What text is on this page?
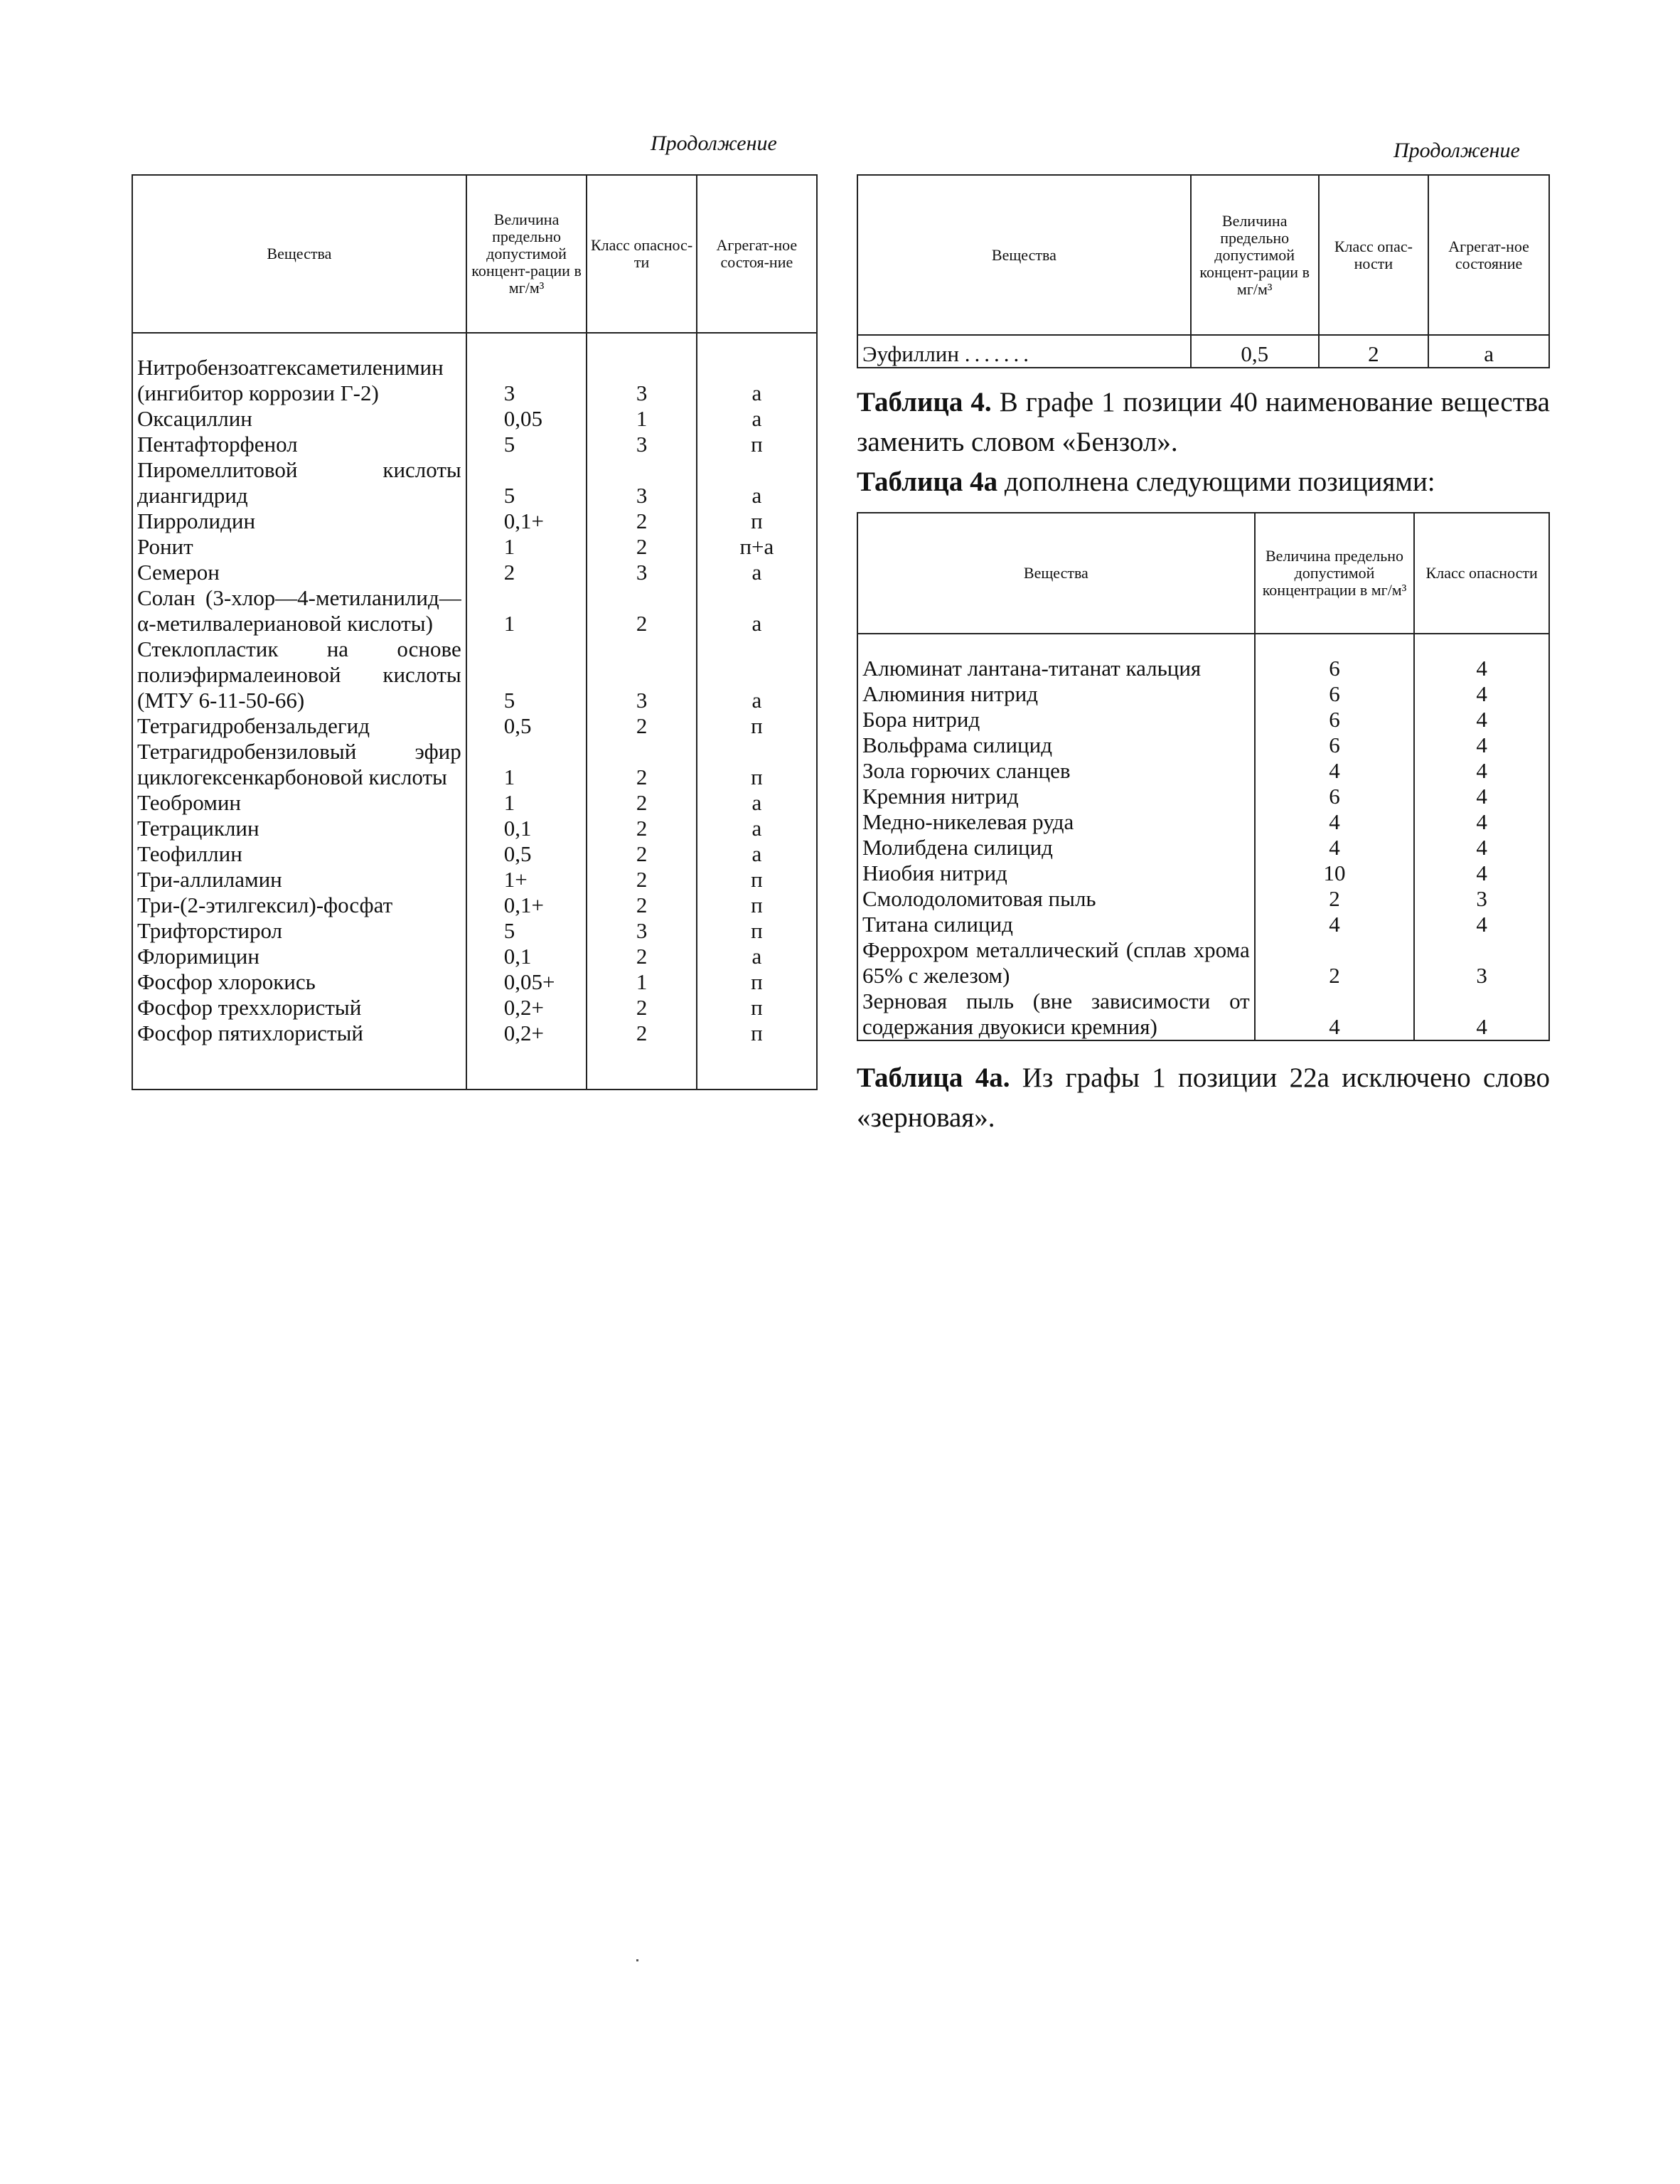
Продолжение
Вещества	Величина предельно допустимой концент-рации в мг/м³	Класс опаснос-ти	Агрегат-ное состоя-ние
Нитробензоатгексаметиленимин (ингибитор коррозии Г-2)	3	3	а
Оксациллин	0,05	1	а
Пентафторфенол	5	3	п
Пиромеллитовой кислоты диангидрид	5	3	а
Пирролидин	0,1+	2	п
Ронит	1	2	п+а
Семерон	2	3	а
Солан (3-хлор—4-метиланилид—α-метилвалериановой кислоты)	1	2	а
Стеклопластик на основе полиэфирмалеиновой кислоты (МТУ 6-11-50-66)	5	3	а
Тетрагидробензальдегид	0,5	2	п
Тетрагидробензиловый эфир циклогексенкарбоновой кислоты	1	2	п
Теобромин	1	2	а
Тетрациклин	0,1	2	а
Теофиллин	0,5	2	а
Три-аллиламин	1+	2	п
Три-(2-этилгексил)-фосфат	0,1+	2	п
Трифторстирол	5	3	п
Флоримицин	0,1	2	а
Фосфор хлорокись	0,05+	1	п
Фосфор треххлористый	0,2+	2	п
Фосфор пятихлористый	0,2+	2	п
Продолжение
Вещества	Величина предельно допустимой концент-рации в мг/м³	Класс опас-ности	Агрегат-ное состояние
Эуфиллин .......	0,5	2	а

Таблица 4. В графе 1 позиции 40 наименование вещества заменить словом «Бензол».

Таблица 4а дополнена следующими позициями:

Вещества	Величина предельно допустимой концентрации в мг/м³	Класс опасности
Алюминат лантана-титанат кальция	6	4
Алюминия нитрид	6	4
Бора нитрид	6	4
Вольфрама силицид	6	4
Зола горючих сланцев	4	4
Кремния нитрид	6	4
Медно-никелевая руда	4	4
Молибдена силицид	4	4
Ниобия нитрид	10	4
Смолодоломитовая пыль	2	3
Титана силицид	4	4
Феррохром металлический (сплав хрома 65% с железом)	2	3
Зерновая пыль (вне зависимости от содержания двуокиси кремния)	4	4

Таблица 4а. Из графы 1 позиции 22а исключено слово «зерновая».
